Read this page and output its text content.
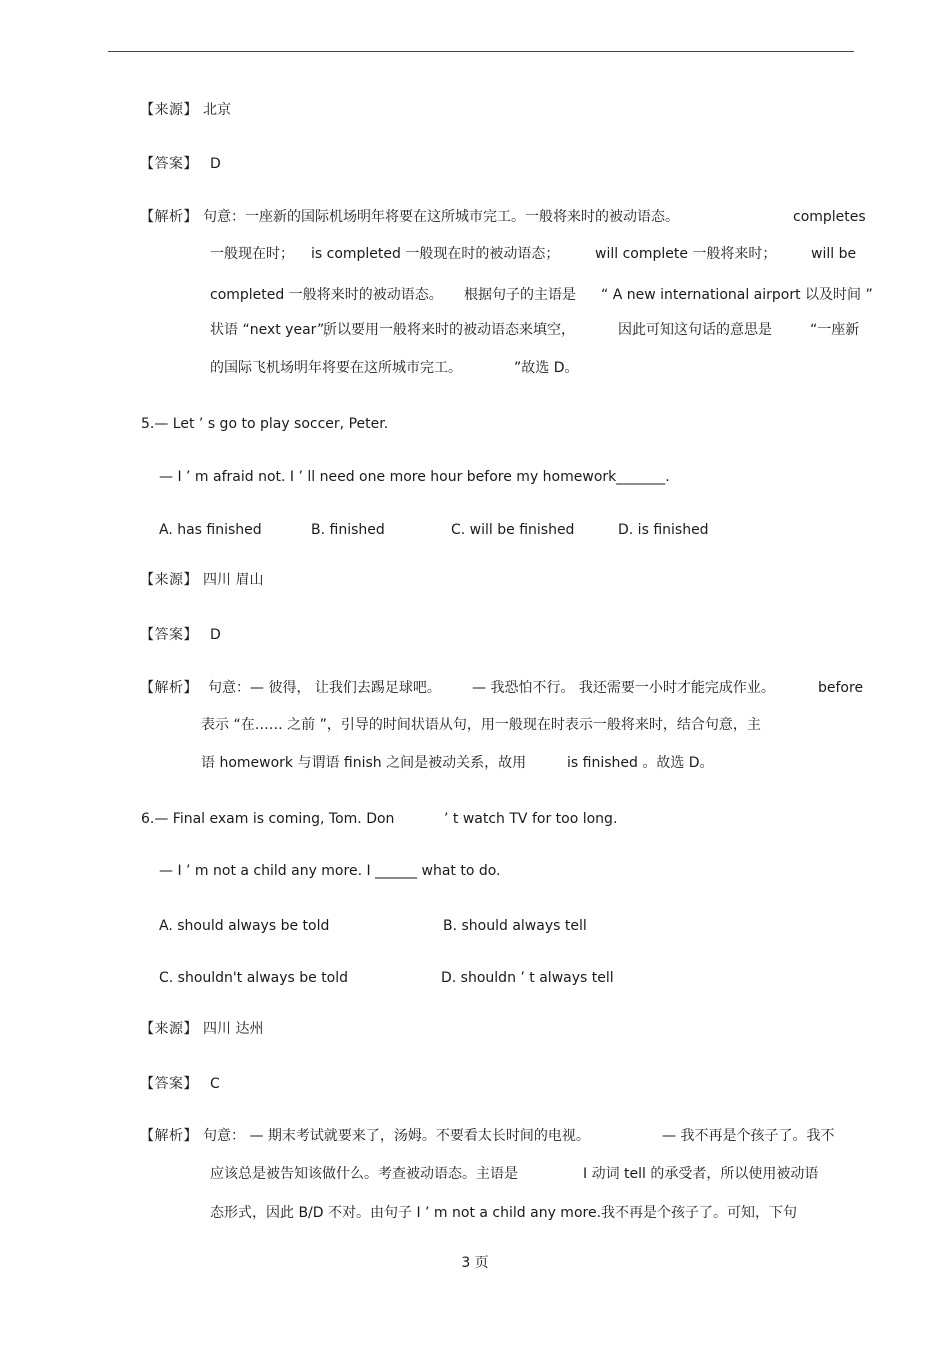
【来源】 北京
【答案】 D
【解析】 句意：一座新的国际机场明年将要在这所城市完工。一般将来时的被动语态。	completes
一般现在时； is completed 一般现在时的被动语态；	will complete 一般将来时； will be
completed 一般将来时的被动语态。 根据句子的主语是 “ A new international airport 以及时间 ”
状语 “next year”，
所以要用一般将来时的被动语态来填空，	因此可知这句话的意思是	“一座新
的国际飞机场明年将要在这所城市完工。	”故选 D。
5.— Let ’ s go to play soccer, Peter.
— I ’ m afraid not. I ’ ll need one more hour before my homework_______.
A. has finished	B. finished	C. will be finished	D. is finished
【来源】 四川 眉山
【答案】 D
【解析】 句意：— 彼得， 让我们去踢足球吧。 — 我恐怕不行。 我还需要一小时才能完成作业。	before
表示 “在…… 之前 ”，引导的时间状语从句，用一般现在时表示一般将来时，结合句意，主
语 homework 与谓语 finish 之间是被动关系，故用	is finished 。故选 D。
6.— Final exam is coming, Tom. Don	’ t watch TV for too long.
— I ’ m not a child any more. I ______ what to do.
A. should always be told	B. should always tell
C. shouldn't always be told	D. shouldn ’ t always tell
【来源】 四川 达州
【答案】 C
【解析】 句意： — 期末考试就要来了，汤姆。不要看太长时间的电视。	— 我不再是个孩子了。我不
应该总是被告知该做什么。考查被动语态。主语是	I 动词 tell 的承受者，所以使用被动语
态形式，因此 B/D 不对。由句子 I ’ m not a child any more.我不再是个孩子了。可知，下句
3 页
